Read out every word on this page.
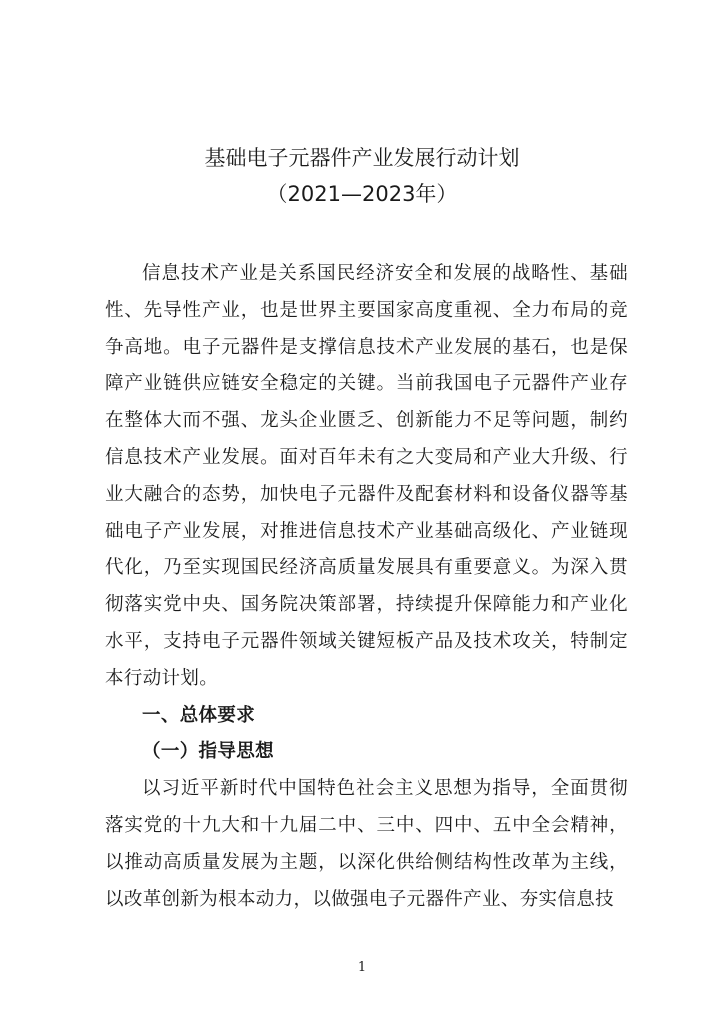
基础电子元器件产业发展行动计划
（2021—2023年）

信息技术产业是关系国民经济安全和发展的战略性、基础性、先导性产业，也是世界主要国家高度重视、全力布局的竞争高地。电子元器件是支撑信息技术产业发展的基石，也是保障产业链供应链安全稳定的关键。当前我国电子元器件产业存在整体大而不强、龙头企业匮乏、创新能力不足等问题，制约信息技术产业发展。面对百年未有之大变局和产业大升级、行业大融合的态势，加快电子元器件及配套材料和设备仪器等基础电子产业发展，对推进信息技术产业基础高级化、产业链现代化，乃至实现国民经济高质量发展具有重要意义。为深入贯彻落实党中央、国务院决策部署，持续提升保障能力和产业化水平，支持电子元器件领域关键短板产品及技术攻关，特制定本行动计划。

一、总体要求

（一）指导思想

以习近平新时代中国特色社会主义思想为指导，全面贯彻落实党的十九大和十九届二中、三中、四中、五中全会精神，以推动高质量发展为主题，以深化供给侧结构性改革为主线，以改革创新为根本动力，以做强电子元器件产业、夯实信息技

1
